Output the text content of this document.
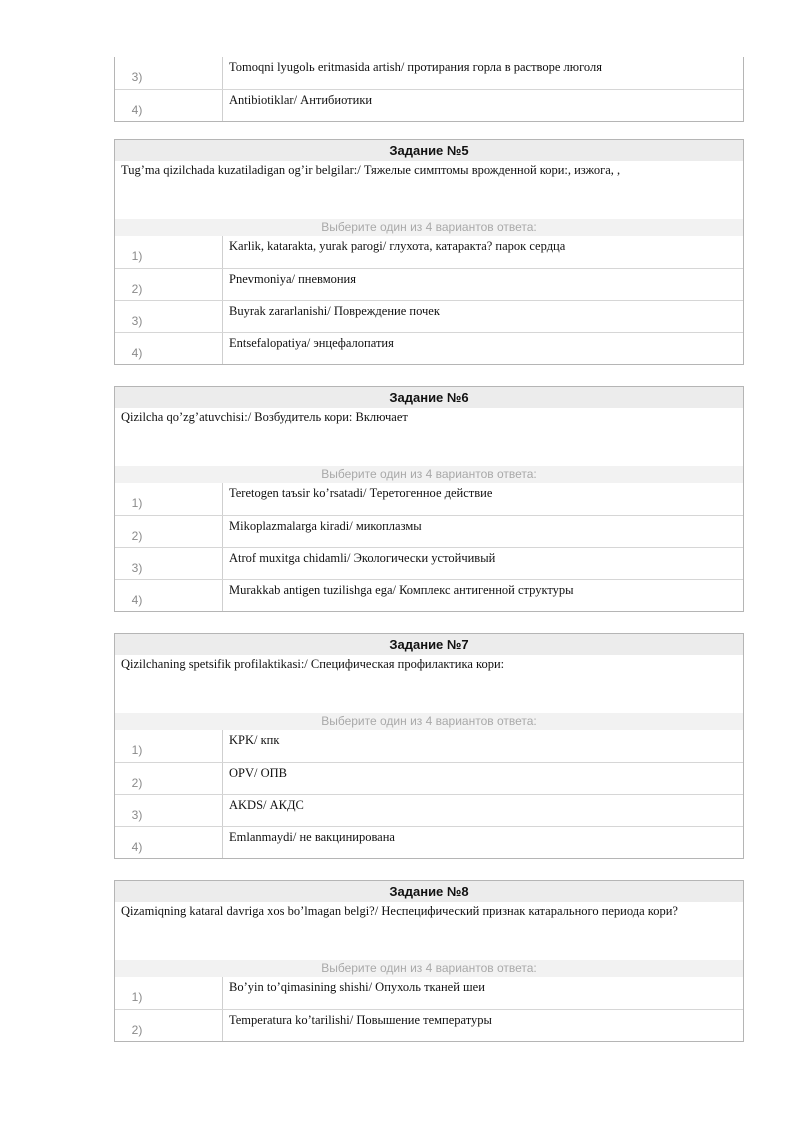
3)
Tomoqni lyugolь eritmasida artish/ протирания горла в растворе люголя
4)
Antibiotiklar/ Антибиотики
Задание №5
Tug’ma qizilchada kuzatiladigan og’ir belgilar:/ Тяжелые симптомы врожденной кори:, изжога, ,
Выберите один из 4 вариантов ответа:
1)
Karlik, katarakta, yurak parogi/ глухота, катаракта? парок сердца
2)
Pnevmoniya/ пневмония
3)
Buyrak zararlanishi/ Повреждение почек
4)
Entsefalopatiya/ энцефалопатия
Задание №6
Qizilcha qo’zg’atuvchisi:/ Возбудитель кори: Включает
Выберите один из 4 вариантов ответа:
1)
Teretogen taъsir ko’rsatadi/ Теретогенное действие
2)
Mikoplazmalarga kiradi/ микоплазмы
3)
Atrof muxitga chidamli/ Экологически устойчивый
4)
Murakkab antigen tuzilishga ega/ Комплекс антигенной структуры
Задание №7
Qizilchaning spetsifik profilaktikasi:/ Специфическая профилактика кори:
Выберите один из 4 вариантов ответа:
1)
KPK/ кпк
2)
OPV/ ОПВ
3)
AKDS/ АКДС
4)
Emlanmaydi/ не вакцинирована
Задание №8
Qizamiqning kataral davriga xos bo’lmagan belgi?/ Неспецифический признак катарального периода кори?
Выберите один из 4 вариантов ответа:
1)
Bo’yin to’qimasining shishi/ Опухоль тканей шеи
2)
Temperatura ko’tarilishi/ Повышение температуры
